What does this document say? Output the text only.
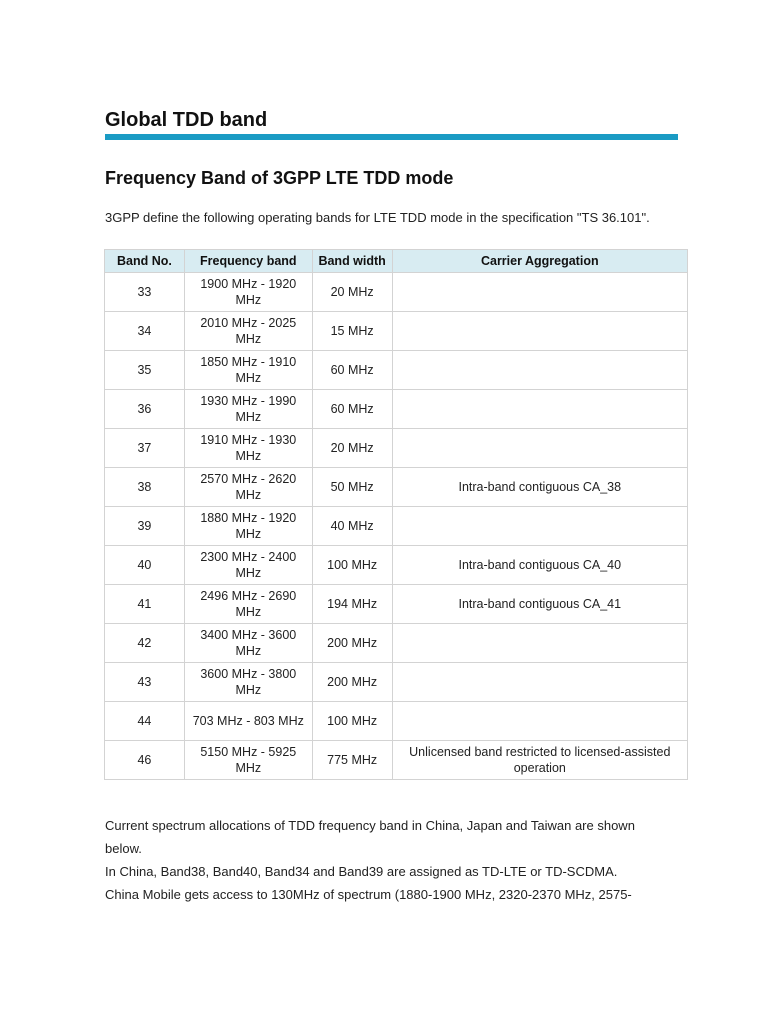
Global TDD band
Frequency Band of 3GPP LTE TDD mode

3GPP define the following operating bands for LTE TDD mode in the specification "TS 36.101".

Band No.	Frequency band	Band width	Carrier Aggregation
33	1900 MHz - 1920 MHz	20 MHz	
34	2010 MHz - 2025 MHz	15 MHz	
35	1850 MHz - 1910 MHz	60 MHz	
36	1930 MHz - 1990 MHz	60 MHz	
37	1910 MHz - 1930 MHz	20 MHz	
38	2570 MHz - 2620 MHz	50 MHz	Intra-band contiguous CA_38
39	1880 MHz - 1920 MHz	40 MHz	
40	2300 MHz - 2400 MHz	100 MHz	Intra-band contiguous CA_40
41	2496 MHz - 2690 MHz	194 MHz	Intra-band contiguous CA_41
42	3400 MHz - 3600 MHz	200 MHz	
43	3600 MHz - 3800 MHz	200 MHz	
44	703 MHz - 803 MHz	100 MHz	
46	5150 MHz - 5925 MHz	775 MHz	Unlicensed band restricted to licensed-assisted operation

Current spectrum allocations of TDD frequency band in China, Japan and Taiwan are shown below.

In China, Band38, Band40, Band34 and Band39 are assigned as TD-LTE or TD-SCDMA.

China Mobile gets access to 130MHz of spectrum (1880-1900 MHz, 2320-2370 MHz, 2575-
